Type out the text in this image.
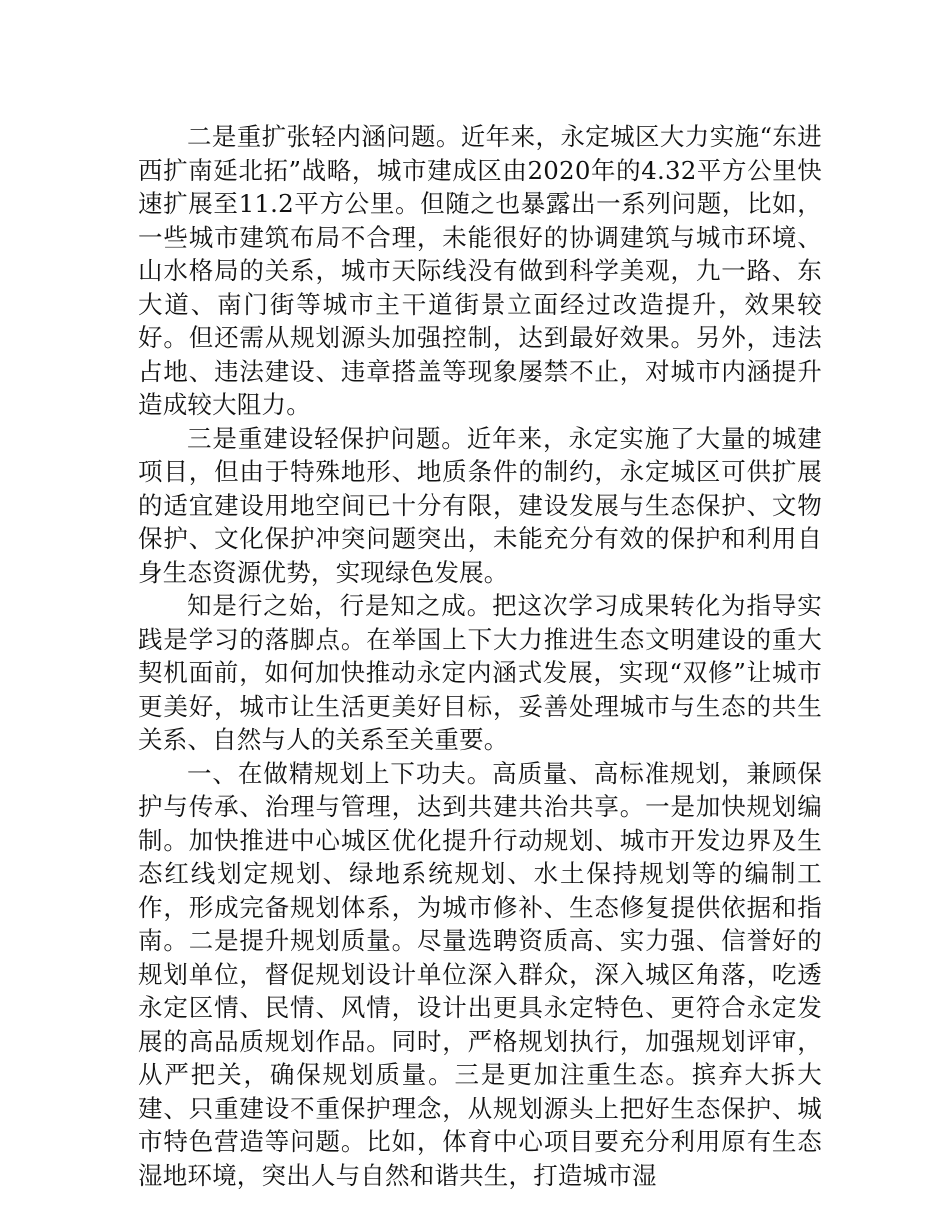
二是重扩张轻内涵问题。近年来，永定城区大力实施“东进西扩南延北拓”战略，城市建成区由2020年的4.32平方公里快速扩展至11.2平方公里。但随之也暴露出一系列问题，比如，一些城市建筑布局不合理，未能很好的协调建筑与城市环境、山水格局的关系，城市天际线没有做到科学美观，九一路、东大道、南门街等城市主干道街景立面经过改造提升，效果较好。但还需从规划源头加强控制，达到最好效果。另外，违法占地、违法建设、违章搭盖等现象屡禁不止，对城市内涵提升造成较大阻力。

三是重建设轻保护问题。近年来，永定实施了大量的城建项目，但由于特殊地形、地质条件的制约，永定城区可供扩展的适宜建设用地空间已十分有限，建设发展与生态保护、文物保护、文化保护冲突问题突出，未能充分有效的保护和利用自身生态资源优势，实现绿色发展。

知是行之始，行是知之成。把这次学习成果转化为指导实践是学习的落脚点。在举国上下大力推进生态文明建设的重大契机面前，如何加快推动永定内涵式发展，实现“双修”让城市更美好，城市让生活更美好目标，妥善处理城市与生态的共生关系、自然与人的关系至关重要。

一、在做精规划上下功夫。高质量、高标准规划，兼顾保护与传承、治理与管理，达到共建共治共享。一是加快规划编制。加快推进中心城区优化提升行动规划、城市开发边界及生态红线划定规划、绿地系统规划、水土保持规划等的编制工作，形成完备规划体系，为城市修补、生态修复提供依据和指南。二是提升规划质量。尽量选聘资质高、实力强、信誉好的规划单位，督促规划设计单位深入群众，深入城区角落，吃透永定区情、民情、风情，设计出更具永定特色、更符合永定发展的高品质规划作品。同时，严格规划执行，加强规划评审，从严把关，确保规划质量。三是更加注重生态。摈弃大拆大建、只重建设不重保护理念，从规划源头上把好生态保护、城市特色营造等问题。比如，体育中心项目要充分利用原有生态湿地环境，突出人与自然和谐共生，打造城市湿
